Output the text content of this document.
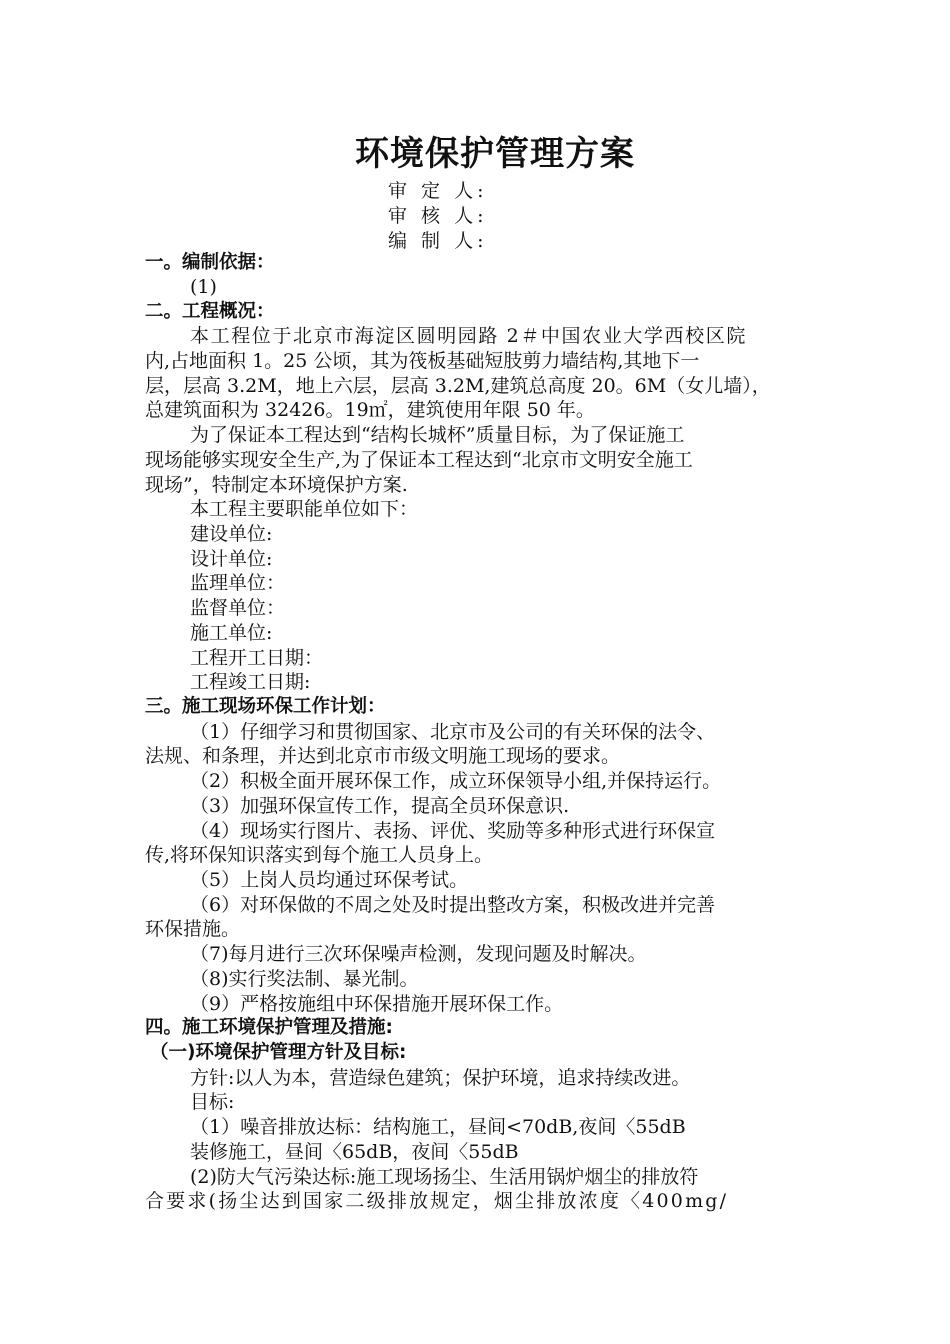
环境保护管理方案
审 定 人:
审 核 人:
编 制 人:
一。编制依据：
(1)
二。工程概况：
本工程位于北京市海淀区圆明园路 2＃中国农业大学西校区院
内,占地面积 1。25 公顷，其为筏板基础短肢剪力墙结构,其地下一
层，层高 3.2M，地上六层，层高 3.2M,建筑总高度 20。6M（女儿墙），
总建筑面积为 32426。19㎡，建筑使用年限 50 年。
为了保证本工程达到“结构长城杯”质量目标，为了保证施工
现场能够实现安全生产,为了保证本工程达到“北京市文明安全施工
现场”，特制定本环境保护方案.
本工程主要职能单位如下：
建设单位:
设计单位:
监理单位：
监督单位：
施工单位:
工程开工日期：
工程竣工日期:
三。施工现场环保工作计划：
（1）仔细学习和贯彻国家、北京市及公司的有关环保的法令、
法规、和条理，并达到北京市市级文明施工现场的要求。
（2）积极全面开展环保工作，成立环保领导小组,并保持运行。
（3）加强环保宣传工作，提高全员环保意识.
（4）现场实行图片、表扬、评优、奖励等多种形式进行环保宣
传,将环保知识落实到每个施工人员身上。
（5）上岗人员均通过环保考试。
（6）对环保做的不周之处及时提出整改方案，积极改进并完善
环保措施。
（7)每月进行三次环保噪声检测，发现问题及时解决。
（8)实行奖法制、暴光制。
（9）严格按施组中环保措施开展环保工作。
四。施工环境保护管理及措施:
（一)环境保护管理方针及目标:
方针:以人为本，营造绿色建筑；保护环境，追求持续改进。
目标:
（1）噪音排放达标：结构施工，昼间<70dB,夜间〈55dB
装修施工，昼间〈65dB，夜间〈55dB
(2)防大气污染达标:施工现场扬尘、生活用锅炉烟尘的排放符
合要求(扬尘达到国家二级排放规定，烟尘排放浓度〈400mg/
